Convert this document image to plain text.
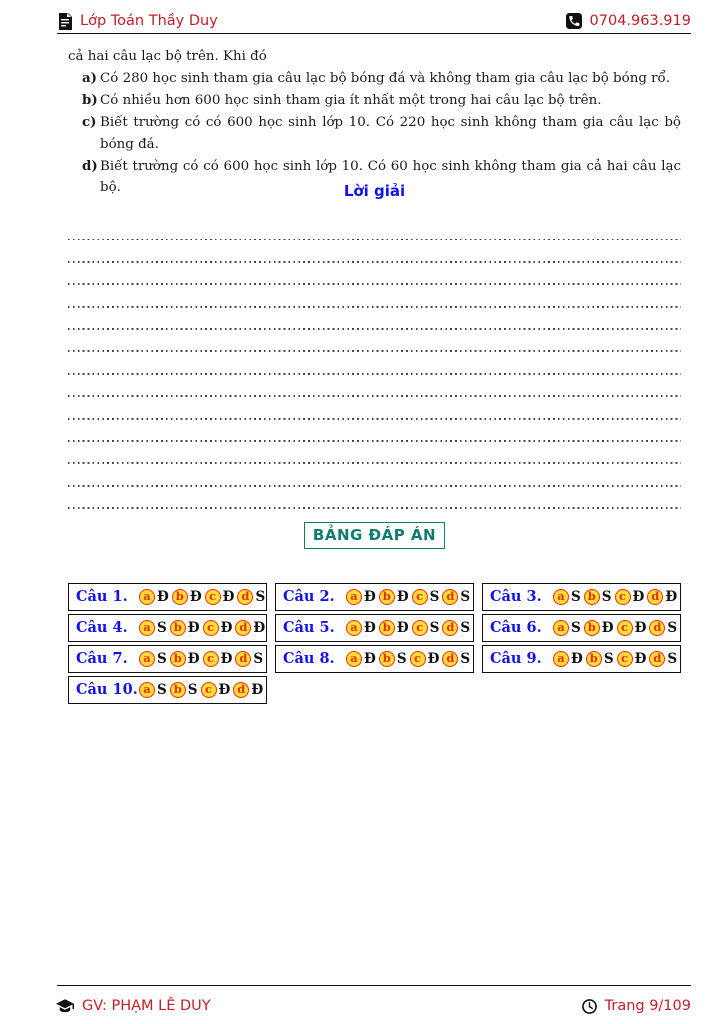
Lớp Toán Thầy Duy	0704.963.919

cả hai câu lạc bộ trên. Khi đó

a) Có 280 học sinh tham gia câu lạc bộ bóng đá và không tham gia câu lạc bộ bóng rổ.
b) Có nhiều hơn 600 học sinh tham gia ít nhất một trong hai câu lạc bộ trên.
c) Biết trường có có 600 học sinh lớp 10. Có 220 học sinh không tham gia câu lạc bộ bóng đá.
d) Biết trường có có 600 học sinh lớp 10. Có 60 học sinh không tham gia cả hai câu lạc bộ.	Lời giải
BẢNG ĐÁP ÁN
Câu 1.	a Đ b Đ c Đ d S Câu 2.	a Đ b Đ c S d S Câu 3.	a S b S c Đ d Đ
Câu 4.	a S b Đ c Đ d Đ Câu 5.	a Đ b Đ c S d S Câu 6.	a S b Đ c Đ d S
Câu 7.	a S b Đ c Đ d S Câu 8.	a Đ b S c Đ d S Câu 9.	a Đ b S c Đ d S
Câu 10. a S b S c Đ d Đ
GV: PHẠM LÊ DUY	Trang 9/109
